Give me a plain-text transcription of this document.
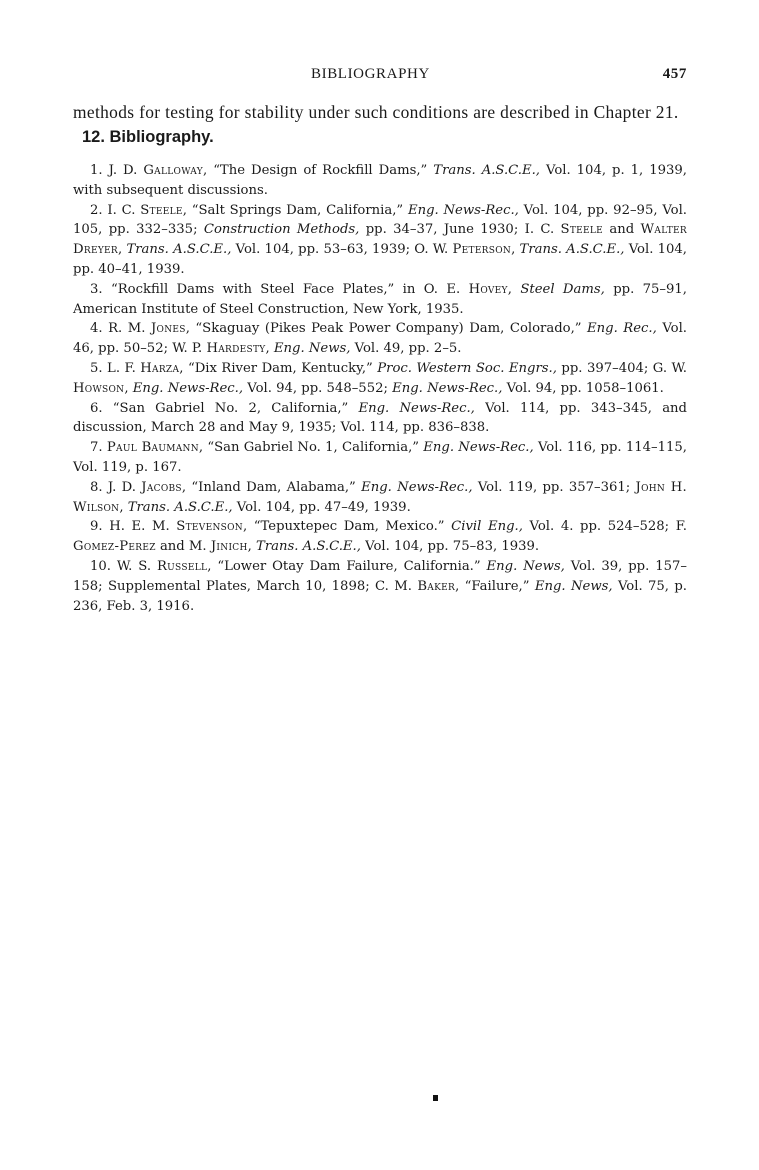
BIBLIOGRAPHY	457

methods for testing for stability under such conditions are described in Chapter 21.

12. Bibliography.
1. J. D. Galloway, “The Design of Rockfill Dams,” Trans. A.S.C.E., Vol. 104, p. 1, 1939, with subsequent discussions.
2. I. C. Steele, “Salt Springs Dam, California,” Eng. News-Rec., Vol. 104, pp. 92–95, Vol. 105, pp. 332–335; Construction Methods, pp. 34–37, June 1930; I. C. Steele and Walter Dreyer, Trans. A.S.C.E., Vol. 104, pp. 53–63, 1939; O. W. Peterson, Trans. A.S.C.E., Vol. 104, pp. 40–41, 1939.
3. “Rockfill Dams with Steel Face Plates,” in O. E. Hovey, Steel Dams, pp. 75–91, American Institute of Steel Construction, New York, 1935.
4. R. M. Jones, “Skaguay (Pikes Peak Power Company) Dam, Colorado,” Eng. Rec., Vol. 46, pp. 50–52; W. P. Hardesty, Eng. News, Vol. 49, pp. 2–5.
5. L. F. Harza, “Dix River Dam, Kentucky,” Proc. Western Soc. Engrs., pp. 397–404; G. W. Howson, Eng. News-Rec., Vol. 94, pp. 548–552; Eng. News-Rec., Vol. 94, pp. 1058–1061.
6. “San Gabriel No. 2, California,” Eng. News-Rec., Vol. 114, pp. 343–345, and discussion, March 28 and May 9, 1935; Vol. 114, pp. 836–838.
7. Paul Baumann, “San Gabriel No. 1, California,” Eng. News-Rec., Vol. 116, pp. 114–115, Vol. 119, p. 167.
8. J. D. Jacobs, “Inland Dam, Alabama,” Eng. News-Rec., Vol. 119, pp. 357–361; John H. Wilson, Trans. A.S.C.E., Vol. 104, pp. 47–49, 1939.
9. H. E. M. Stevenson, “Tepuxtepec Dam, Mexico.” Civil Eng., Vol. 4. pp. 524–528; F. Gomez-Perez and M. Jinich, Trans. A.S.C.E., Vol. 104, pp. 75–83, 1939.
10. W. S. Russell, “Lower Otay Dam Failure, California.” Eng. News, Vol. 39, pp. 157–158; Supplemental Plates, March 10, 1898; C. M. Baker, “Failure,” Eng. News, Vol. 75, p. 236, Feb. 3, 1916.
